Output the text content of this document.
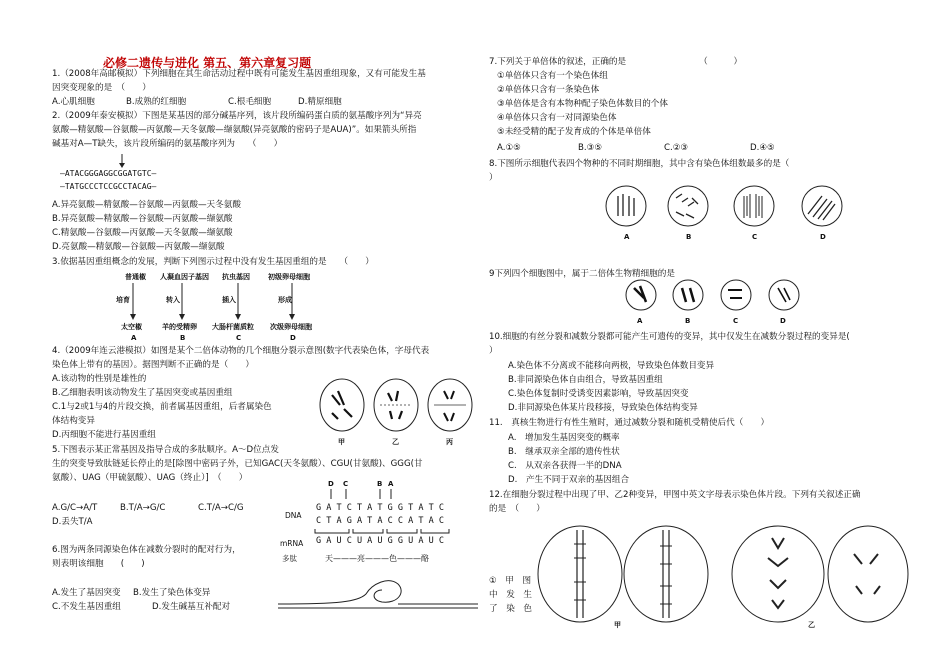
必修二遗传与进化 第五、第六章复习题
1.（2008年高邮模拟）下列细胞在其生命活动过程中既有可能发生基因重组现象，又有可能发生基
因突变现象的是　（　　）
A.心肌细胞	B.成熟的红细胞	C.根毛细胞	D.精原细胞
2.（2009年泰安模拟）下图是某基因的部分碱基序列，该片段所编码蛋白质的氨基酸序列为“异亮
氨酸—精氨酸—谷氨酸—丙氨酸—天冬氨酸—缬氨酸(异亮氨酸的密码子是AUA)”。如果箭头所指
碱基对A—T缺失，该片段所编码的氨基酸序列为　　（　　）
—ATACGGGAGGCGGATGTC—
—TATGCCCTCCGCCTACAG—
A.异亮氨酸—精氨酸—谷氨酸—丙氨酸—天冬氨酸
B.异亮氨酸—精氨酸—谷氨酸—丙氨酸—缬氨酸
C.精氨酸—谷氨酸—丙氨酸—天冬氨酸—缬氨酸
D.亮氨酸—精氨酸—谷氨酸—丙氨酸—缬氨酸
3.依据基因重组概念的发展，判断下列图示过程中没有发生基因重组的是　　（　　）
普通椒 人凝血因子基因 抗虫基因	初级卵母细胞
培育	转入	插入	形成
太空椒	羊的受精卵 大肠杆菌质粒 次级卵母细胞
A	B	C	D
4.（2009年连云港模拟）如图是某个二倍体动物的几个细胞分裂示意图(数字代表染色体，字母代表
染色体上带有的基因）。据图判断不正确的是（　　）
A.该动物的性别是雄性的
B.乙细胞表明该动物发生了基因突变或基因重组
C.1与2或1与4的片段交换，前者属基因重组，后者属染色
体结构变异
D.丙细胞不能进行基因重组
甲	乙	丙
5.下图表示某正常基因及指导合成的多肽顺序。A～D位点发
生的突变导致肽链延长停止的是[除图中密码子外，已知GAC(天冬氨酸）、CGU(甘氨酸)、GGG(甘
氨酸）、UAG（甲硫氨酸）、UAG（终止）]　（　　）
A.G/C→A/T	B.T/A→G/C	C.T/A→C/G
D.丢失T/A
D C	B A
DNA
G A T C T A T G G T A T C
C T A G A T A C C A T A C
mRNA G A U C U A U G G U A U C
多肽	天———亮———色———酪
6.图为两条同源染色体在减数分裂时的配对行为，
则表明该细胞　　(　　)
A.发生了基因突变 B.发生了染色体变异
C.不发生基因重组	D.发生碱基互补配对
7.下列关于单倍体的叙述，正确的是　　　　　　　　　（　　　）
①单倍体只含有一个染色体组
②单倍体只含有一条染色体
③单倍体是含有本物种配子染色体数目的个体
④单倍体只含有一对同源染色体
⑤未经受精的配子发育成的个体是单倍体
A.①⑤	B.③⑤	C.②③	D.④⑤
8.下图所示细胞代表四个物种的不同时期细胞，其中含有染色体组数最多的是（
）
A	B	C	D
9下列四个细胞图中，属于二倍体生物精细胞的是
A	B	C	D
10.细胞的有丝分裂和减数分裂都可能产生可遗传的变异，其中仅发生在减数分裂过程的变异是(
）
A.染色体不分离或不能移向两极，导致染色体数目变异
B.非同源染色体自由组合，导致基因重组
C.染色体复制时受诱变因素影响，导致基因突变
D.非同源染色体某片段移接，导致染色体结构变异
11.　真核生物进行有性生殖时，通过减数分裂和随机受精使后代（　　）
A.　增加发生基因突变的概率
B.　继承双亲全部的遗传性状
C.　从双亲各获得一半的DNA
D.　产生不同于双亲的基因组合
12.在细胞分裂过程中出现了甲、乙2种变异，甲图中英文字母表示染色体片段。下列有关叙述正确
的是　（　　）
①　甲　图
中　发　生
了　染　色
甲	乙
